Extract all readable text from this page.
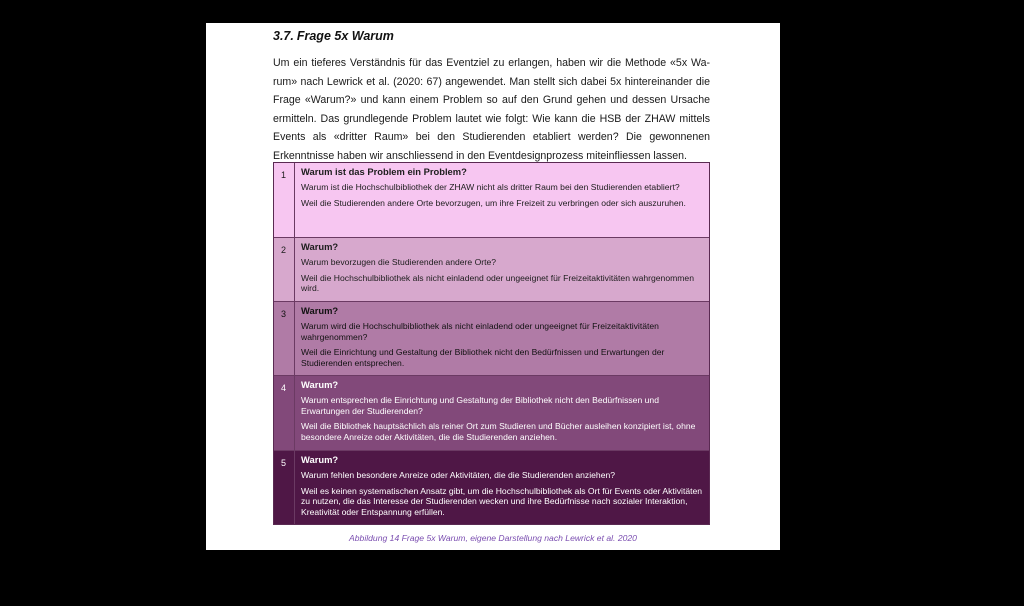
3.7. Frage 5x Warum
Um ein tieferes Verständnis für das Eventziel zu erlangen, haben wir die Methode «5x Wa-
rum» nach Lewrick et al. (2020: 67) angewendet. Man stellt sich dabei 5x hintereinander die
Frage «Warum?» und kann einem Problem so auf den Grund gehen und dessen Ursache
ermitteln. Das grundlegende Problem lautet wie folgt: Wie kann die HSB der ZHAW mittels
Events als «dritter Raum» bei den Studierenden etabliert werden? Die gewonnenen
Erkenntnisse haben wir anschliessend in den Eventdesignprozess miteinfliessen lassen.
1	Warum ist das Problem ein Problem?
Warum ist die Hochschulbibliothek der ZHAW nicht als dritter Raum bei den Studierenden etabliert?
Weil die Studierenden andere Orte bevorzugen, um ihre Freizeit zu verbringen oder sich auszuruhen.
2	Warum?
Warum bevorzugen die Studierenden andere Orte?
Weil die Hochschulbibliothek als nicht einladend oder ungeeignet für Freizeitaktivitäten wahrgenommen wird.
3	Warum?
Warum wird die Hochschulbibliothek als nicht einladend oder ungeeignet für Freizeitaktivitäten wahrgenommen?
Weil die Einrichtung und Gestaltung der Bibliothek nicht den Bedürfnissen und Erwartungen der Studierenden entsprechen.
4	Warum?
Warum entsprechen die Einrichtung und Gestaltung der Bibliothek nicht den Bedürfnissen und Erwartungen der Studierenden?
Weil die Bibliothek hauptsächlich als reiner Ort zum Studieren und Bücher ausleihen konzipiert ist, ohne besondere Anreize oder Aktivitäten, die die Studierenden anziehen.
5	Warum?
Warum fehlen besondere Anreize oder Aktivitäten, die die Studierenden anziehen?
Weil es keinen systematischen Ansatz gibt, um die Hochschulbibliothek als Ort für Events oder Aktivitäten zu nutzen, die das Interesse der Studierenden wecken und ihre Bedürfnisse nach sozialer Interaktion, Kreativität oder Entspannung erfüllen.
Abbildung 14 Frage 5x Warum, eigene Darstellung nach Lewrick et al. 2020
